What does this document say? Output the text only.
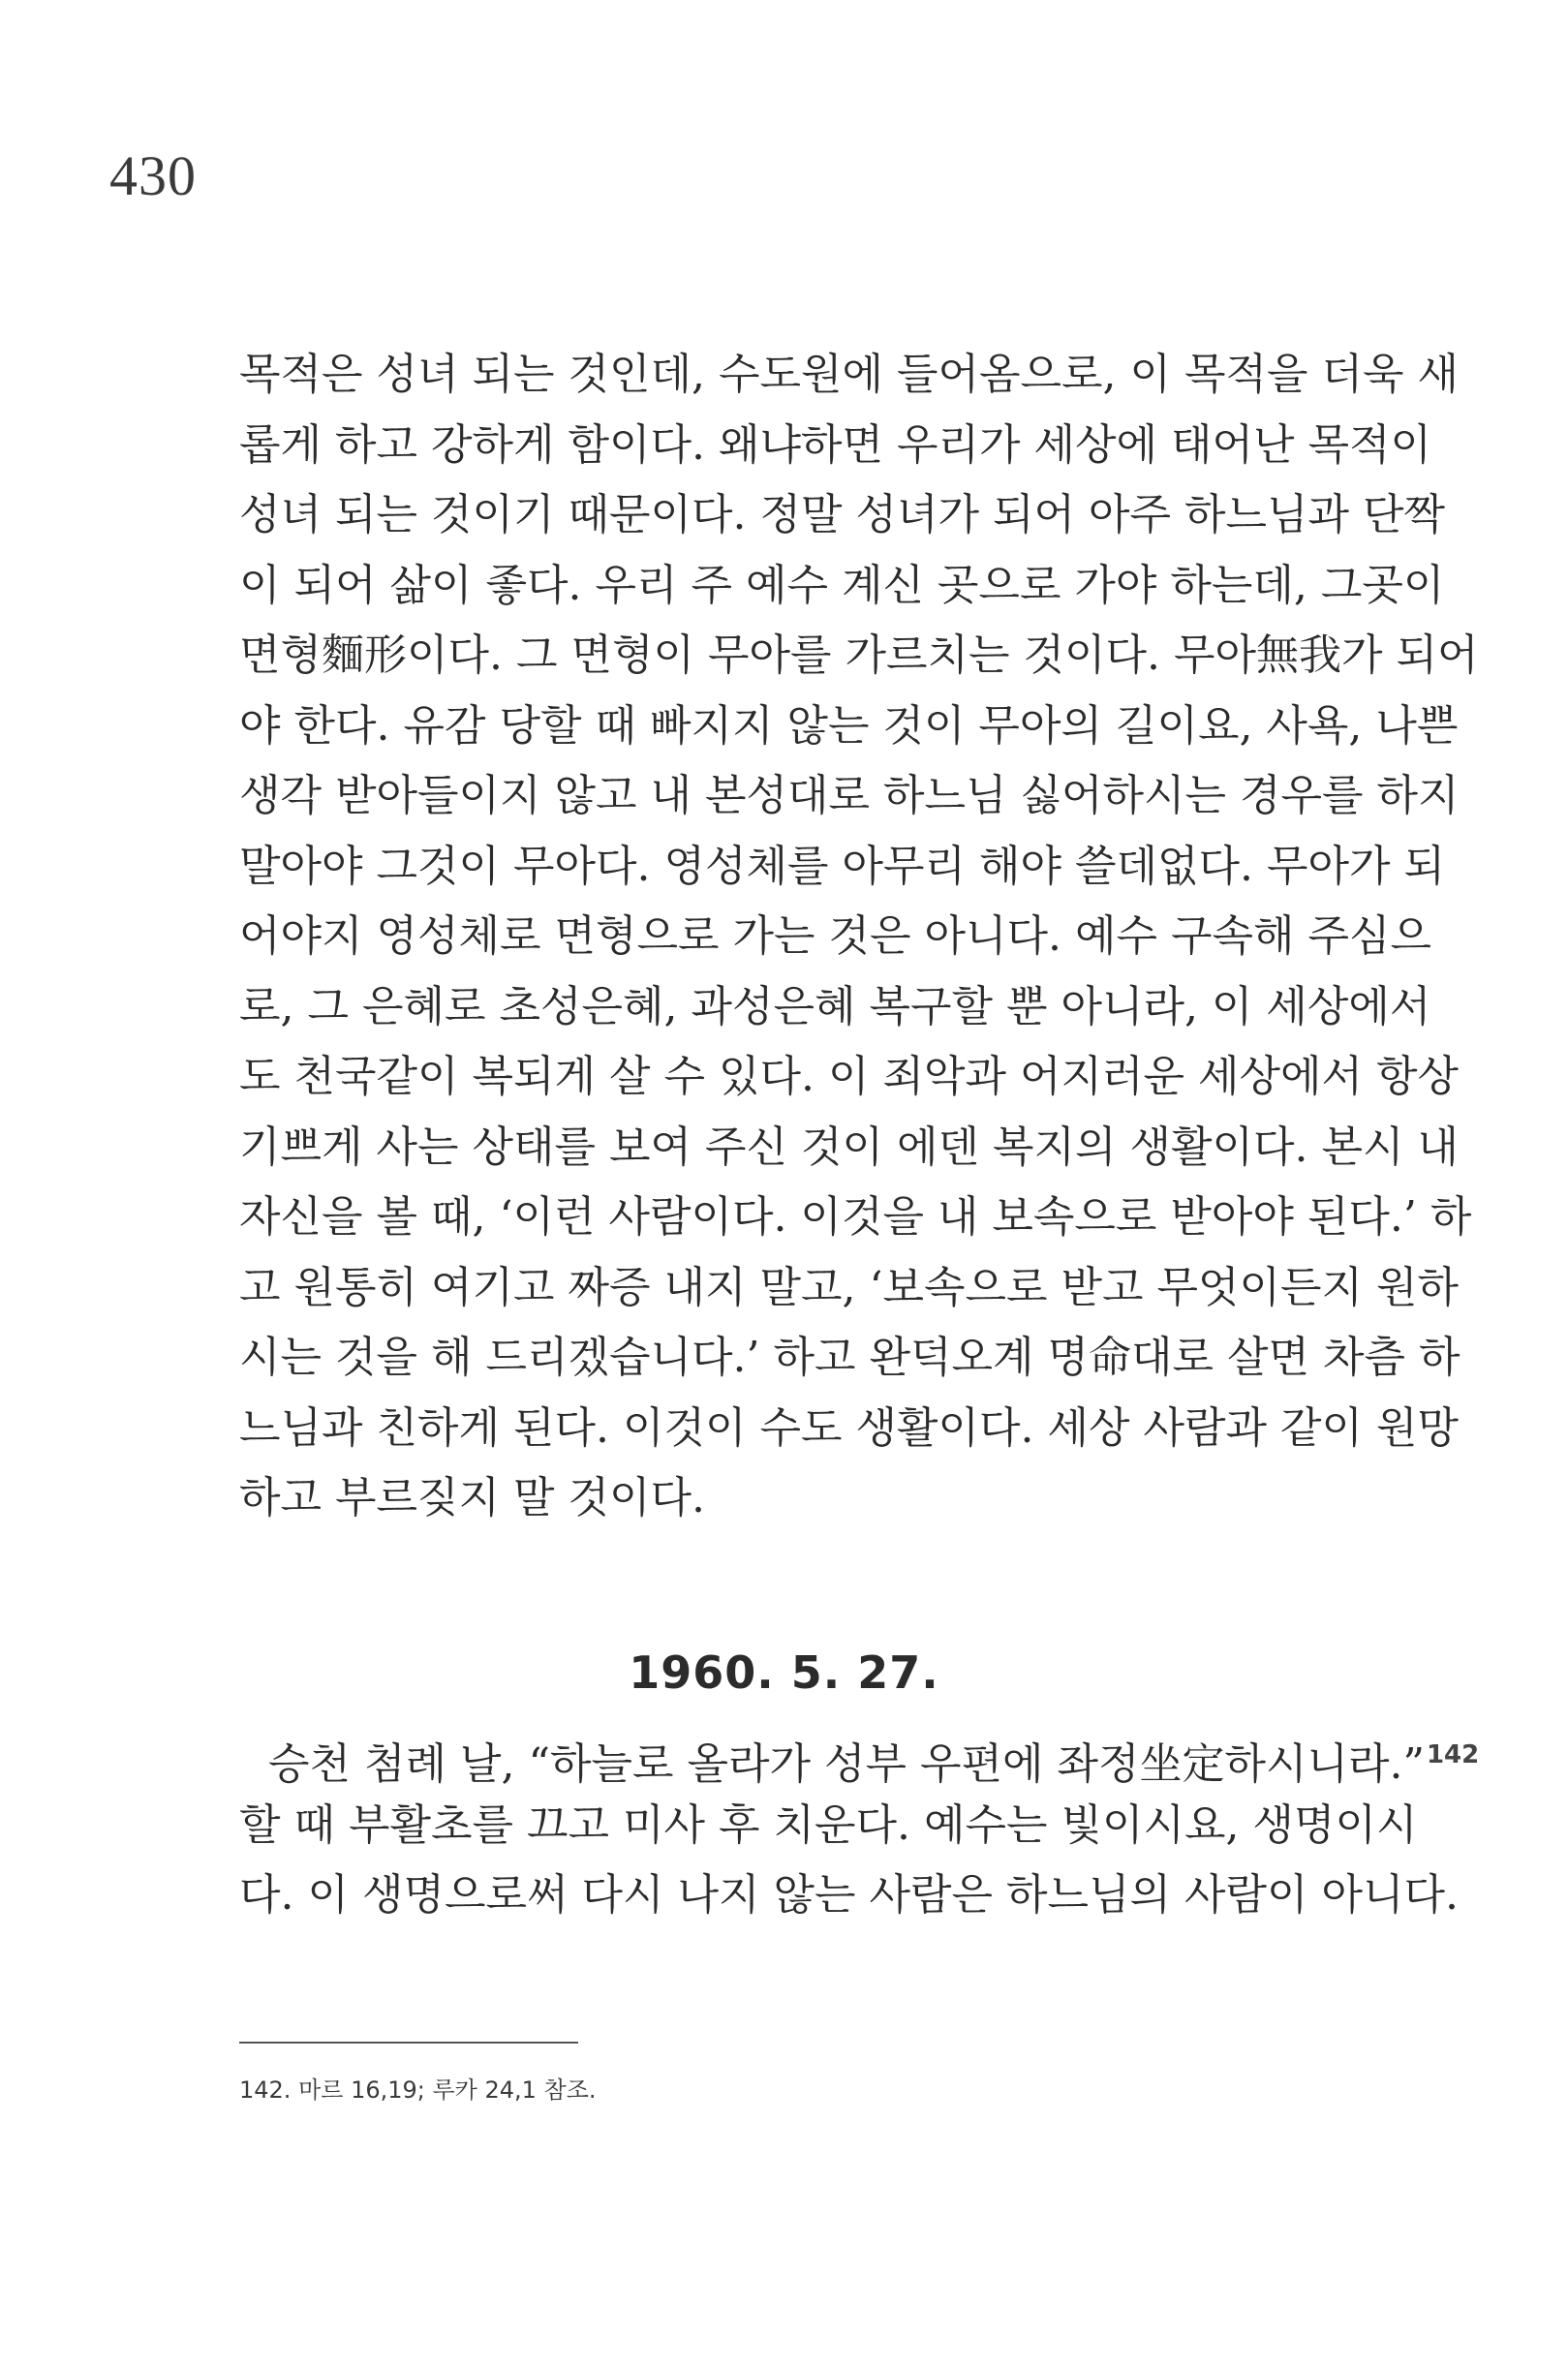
430
목적은 성녀 되는 것인데, 수도원에 들어옴으로, 이 목적을 더욱 새
롭게 하고 강하게 함이다. 왜냐하면 우리가 세상에 태어난 목적이
성녀 되는 것이기 때문이다. 정말 성녀가 되어 아주 하느님과 단짝
이 되어 삶이 좋다. 우리 주 예수 계신 곳으로 가야 하는데, 그곳이
면형麵形이다. 그 면형이 무아를 가르치는 것이다. 무아無我가 되어
야 한다. 유감 당할 때 빠지지 않는 것이 무아의 길이요, 사욕, 나쁜
생각 받아들이지 않고 내 본성대로 하느님 싫어하시는 경우를 하지
말아야 그것이 무아다. 영성체를 아무리 해야 쓸데없다. 무아가 되
어야지 영성체로 면형으로 가는 것은 아니다. 예수 구속해 주심으
로, 그 은혜로 초성은혜, 과성은혜 복구할 뿐 아니라, 이 세상에서
도 천국같이 복되게 살 수 있다. 이 죄악과 어지러운 세상에서 항상
기쁘게 사는 상태를 보여 주신 것이 에덴 복지의 생활이다. 본시 내
자신을 볼 때, ‘이런 사람이다. 이것을 내 보속으로 받아야 된다.’ 하
고 원통히 여기고 짜증 내지 말고, ‘보속으로 받고 무엇이든지 원하
시는 것을 해 드리겠습니다.’ 하고 완덕오계 명命대로 살면 차츰 하
느님과 친하게 된다. 이것이 수도 생활이다. 세상 사람과 같이 원망
하고 부르짖지 말 것이다.
1960. 5. 27.
승천 첨례 날, “하늘로 올라가 성부 우편에 좌정坐定하시니라.”$^{142}$
할 때 부활초를 끄고 미사 후 치운다. 예수는 빛이시요, 생명이시
다. 이 생명으로써 다시 나지 않는 사람은 하느님의 사람이 아니다.
142. 마르 16,19; 루카 24,1 참조.
